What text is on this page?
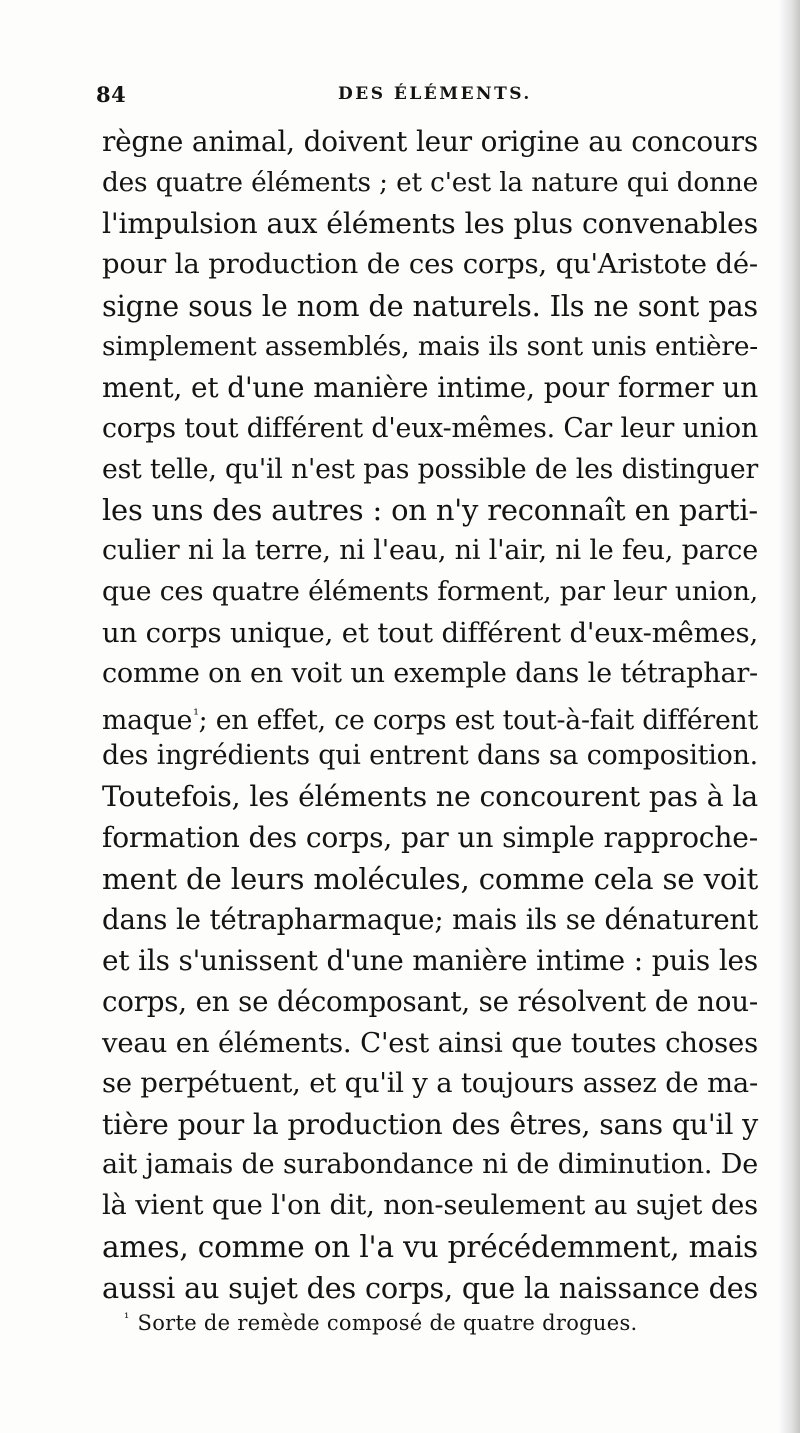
84	DES ÉLÉMENTS.
règne animal, doivent leur origine au concours
des quatre éléments ; et c'est la nature qui donne
l'impulsion aux éléments les plus convenables
pour la production de ces corps, qu'Aristote dé-
signe sous le nom de naturels. Ils ne sont pas
simplement assemblés, mais ils sont unis entière-
ment, et d'une manière intime, pour former un
corps tout différent d'eux-mêmes. Car leur union
est telle, qu'il n'est pas possible de les distinguer
les uns des autres : on n'y reconnaît en parti-
culier ni la terre, ni l'eau, ni l'air, ni le feu, parce
que ces quatre éléments forment, par leur union,
un corps unique, et tout différent d'eux-mêmes,
comme on en voit un exemple dans le tétraphar-
maque$^{^1}$; en effet, ce corps est tout-à-fait différent
des ingrédients qui entrent dans sa composition.
Toutefois, les éléments ne concourent pas à la
formation des corps, par un simple rapproche-
ment de leurs molécules, comme cela se voit
dans le tétrapharmaque; mais ils se dénaturent
et ils s'unissent d'une manière intime : puis les
corps, en se décomposant, se résolvent de nou-
veau en éléments. C'est ainsi que toutes choses
se perpétuent, et qu'il y a toujours assez de ma-
tière pour la production des êtres, sans qu'il y
ait jamais de surabondance ni de diminution. De
là vient que l'on dit, non-seulement au sujet des
ames, comme on l'a vu précédemment, mais
aussi au sujet des corps, que la naissance des
$^{^1}$ Sorte de remède composé de quatre drogues.
